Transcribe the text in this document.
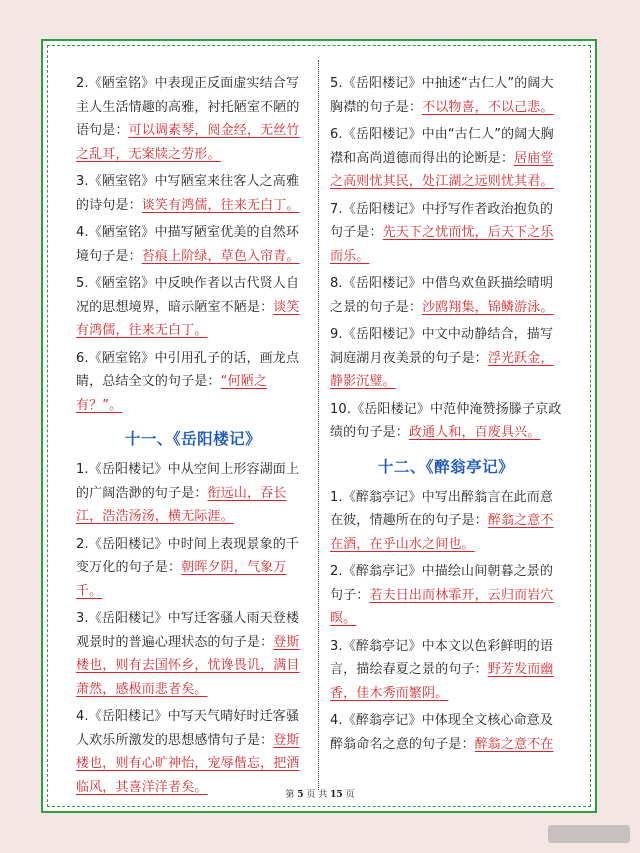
2.《陋室铭》中表现正反面虚实结合写主人生活情趣的高雅，衬托陋室不陋的语句是：可以调素琴，阅金经，无丝竹之乱耳，无案牍之劳形。

3.《陋室铭》中写陋室来往客人之高雅的诗句是：谈笑有鸿儒，往来无白丁。

4.《陋室铭》中描写陋室优美的自然环境句子是：苔痕上阶绿，草色入帘青。

5.《陋室铭》中反映作者以古代贤人自况的思想境界，暗示陋室不陋是：谈笑有鸿儒，往来无白丁。

6.《陋室铭》中引用孔子的话，画龙点睛，总结全文的句子是：“何陋之有？”。

十一、《岳阳楼记》

1.《岳阳楼记》中从空间上形容湖面上的广阔浩渺的句子是：衔远山，吞长江，浩浩汤汤，横无际涯。

2.《岳阳楼记》中时间上表现景象的千变万化的句子是：朝晖夕阴，气象万千。

3.《岳阳楼记》中写迁客骚人雨天登楼观景时的普遍心理状态的句子是：登斯楼也，则有去国怀乡，忧谗畏讥，满目萧然，感极而悲者矣。

4.《岳阳楼记》中写天气晴好时迁客骚人欢乐所激发的思想感情句子是：登斯楼也，则有心旷神怡，宠辱偕忘，把酒临风，其喜洋洋者矣。

5.《岳阳楼记》中抽述“古仁人”的阔大胸襟的句子是：不以物喜，不以己悲。

6.《岳阳楼记》中由“古仁人”的阔大胸襟和高尚道德而得出的论断是：居庙堂之高则忧其民，处江湖之远则忧其君。

7.《岳阳楼记》中抒写作者政治抱负的句子是：先天下之忧而忧，后天下之乐而乐。

8.《岳阳楼记》中借鸟欢鱼跃描绘晴明之景的句子是：沙鸥翔集，锦鳞游泳。

9.《岳阳楼记》中文中动静结合，描写洞庭湖月夜美景的句子是：浮光跃金，静影沉璧。

10.《岳阳楼记》中范仲淹赞扬滕子京政绩的句子是：政通人和，百废具兴。

十二、《醉翁亭记》

1.《醉翁亭记》中写出醉翁言在此而意在彼，情趣所在的句子是：醉翁之意不在酒，在乎山水之间也。

2.《醉翁亭记》中描绘山间朝暮之景的句子：若夫日出而林霏开，云归而岩穴暝。

3.《醉翁亭记》中本文以色彩鲜明的语言，描绘春夏之景的句子：野芳发而幽香，佳木秀而繁阴。

4.《醉翁亭记》中体现全文核心命意及醉翁命名之意的句子是：醉翁之意不在

第 5 页 共 15 页
